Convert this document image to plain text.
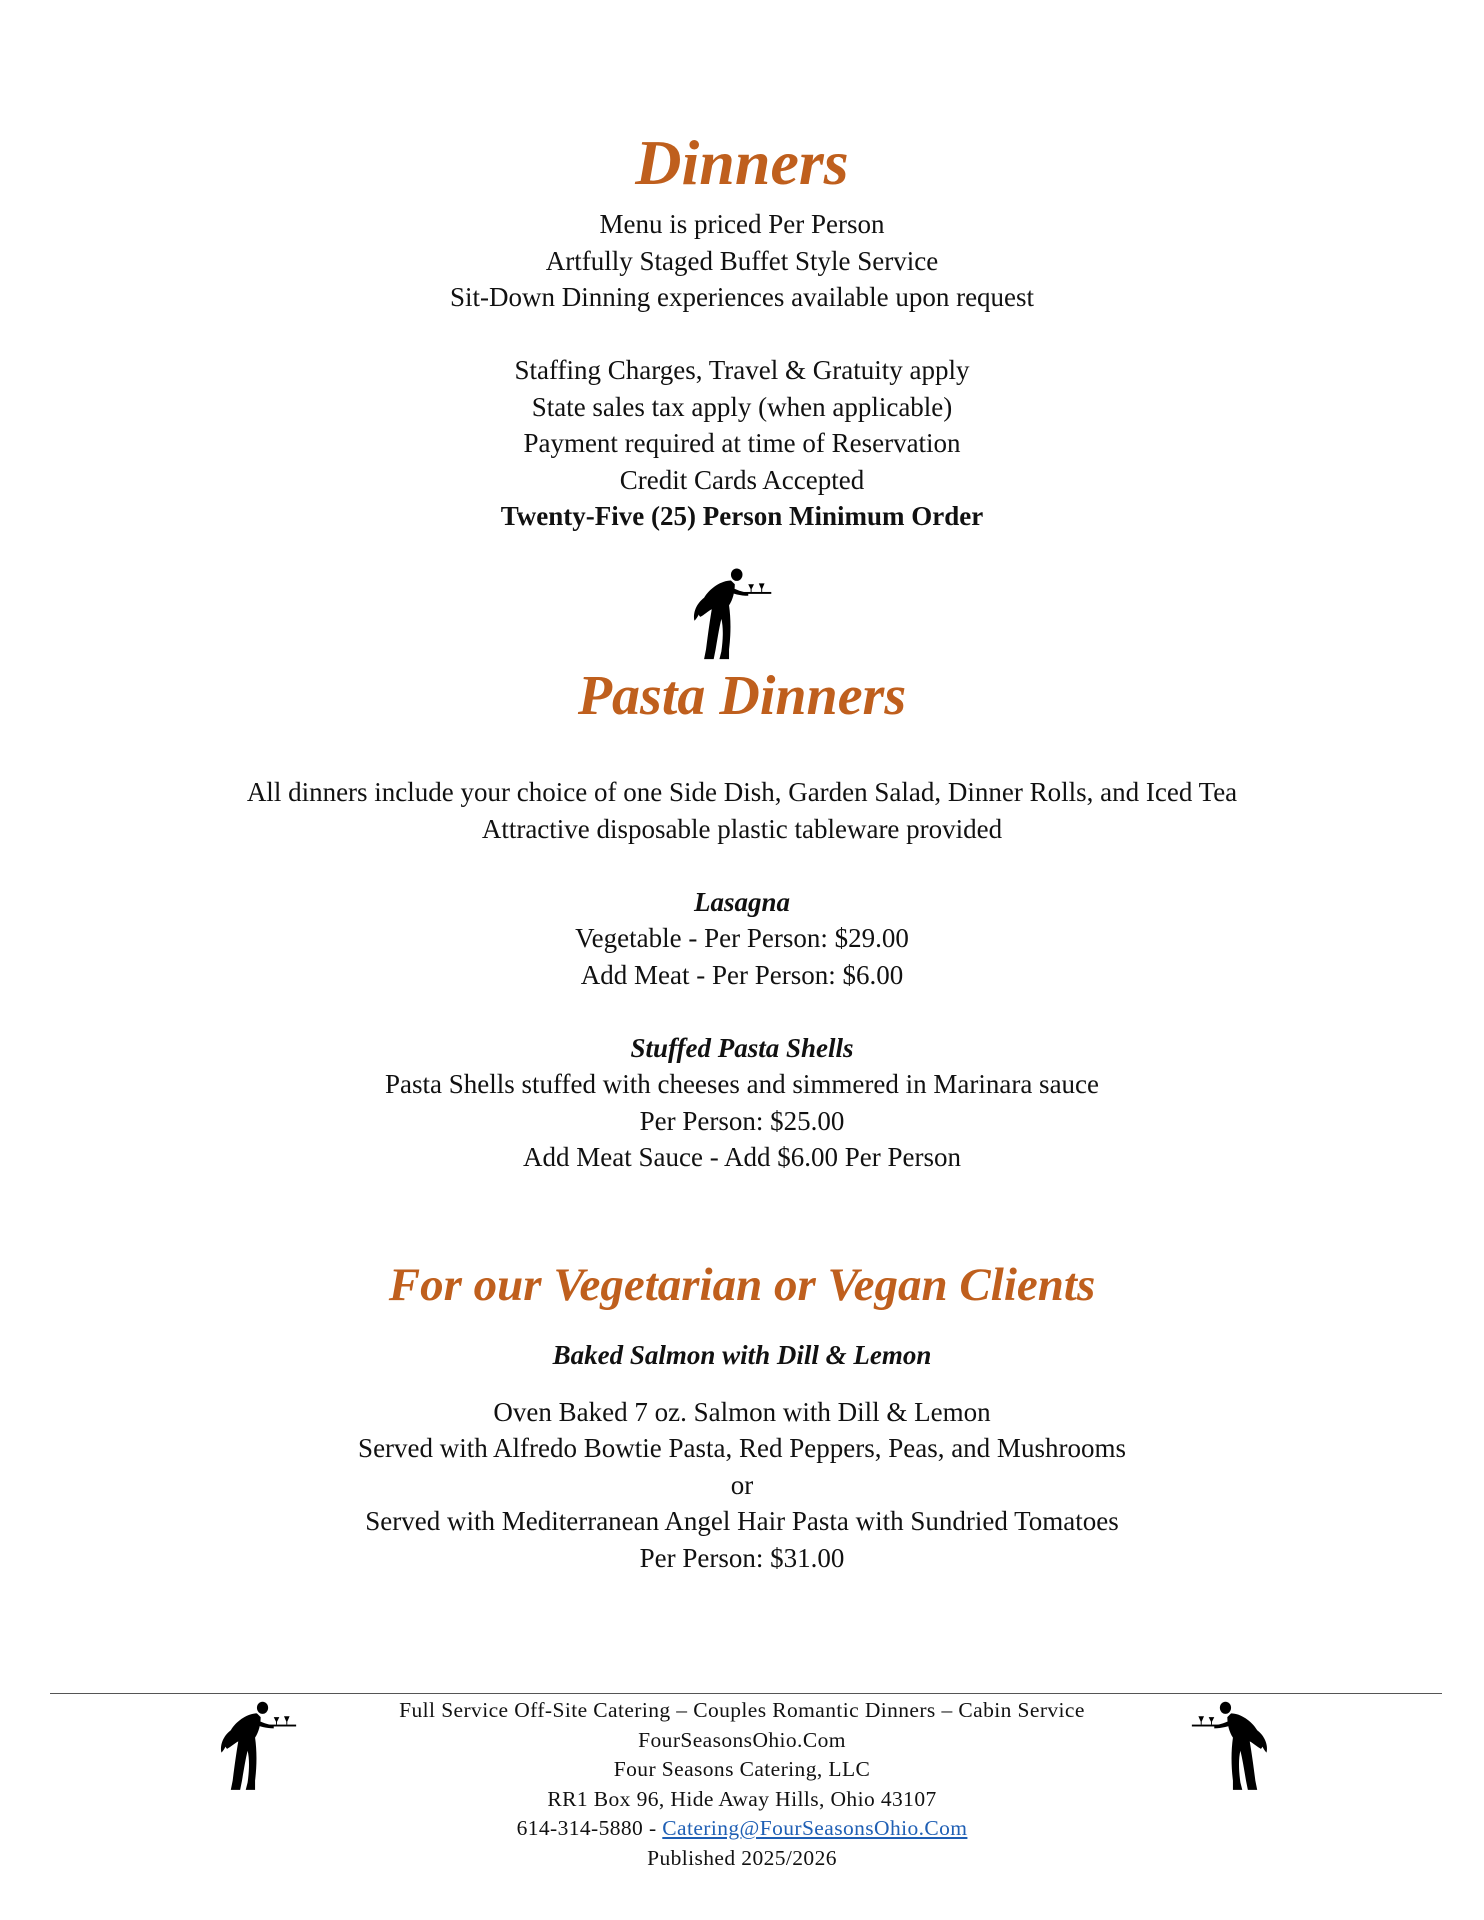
Dinners
Menu is priced Per Person
Artfully Staged Buffet Style Service
Sit-Down Dinning experiences available upon request
Staffing Charges, Travel & Gratuity apply
State sales tax apply (when applicable)
Payment required at time of Reservation
Credit Cards Accepted
Twenty-Five (25) Person Minimum Order
Pasta Dinners
All dinners include your choice of one Side Dish, Garden Salad, Dinner Rolls, and Iced Tea
Attractive disposable plastic tableware provided
Lasagna
Vegetable - Per Person: $29.00
Add Meat - Per Person: $6.00
Stuffed Pasta Shells
Pasta Shells stuffed with cheeses and simmered in Marinara sauce
Per Person: $25.00
Add Meat Sauce - Add $6.00 Per Person
For our Vegetarian or Vegan Clients
Baked Salmon with Dill & Lemon
Oven Baked 7 oz. Salmon with Dill & Lemon
Served with Alfredo Bowtie Pasta, Red Peppers, Peas, and Mushrooms
or
Served with Mediterranean Angel Hair Pasta with Sundried Tomatoes
Per Person: $31.00
Full Service Off-Site Catering – Couples Romantic Dinners – Cabin Service
FourSeasonsOhio.Com
Four Seasons Catering, LLC
RR1 Box 96, Hide Away Hills, Ohio 43107
614-314-5880 - Catering@FourSeasonsOhio.Com
Published 2025/2026
